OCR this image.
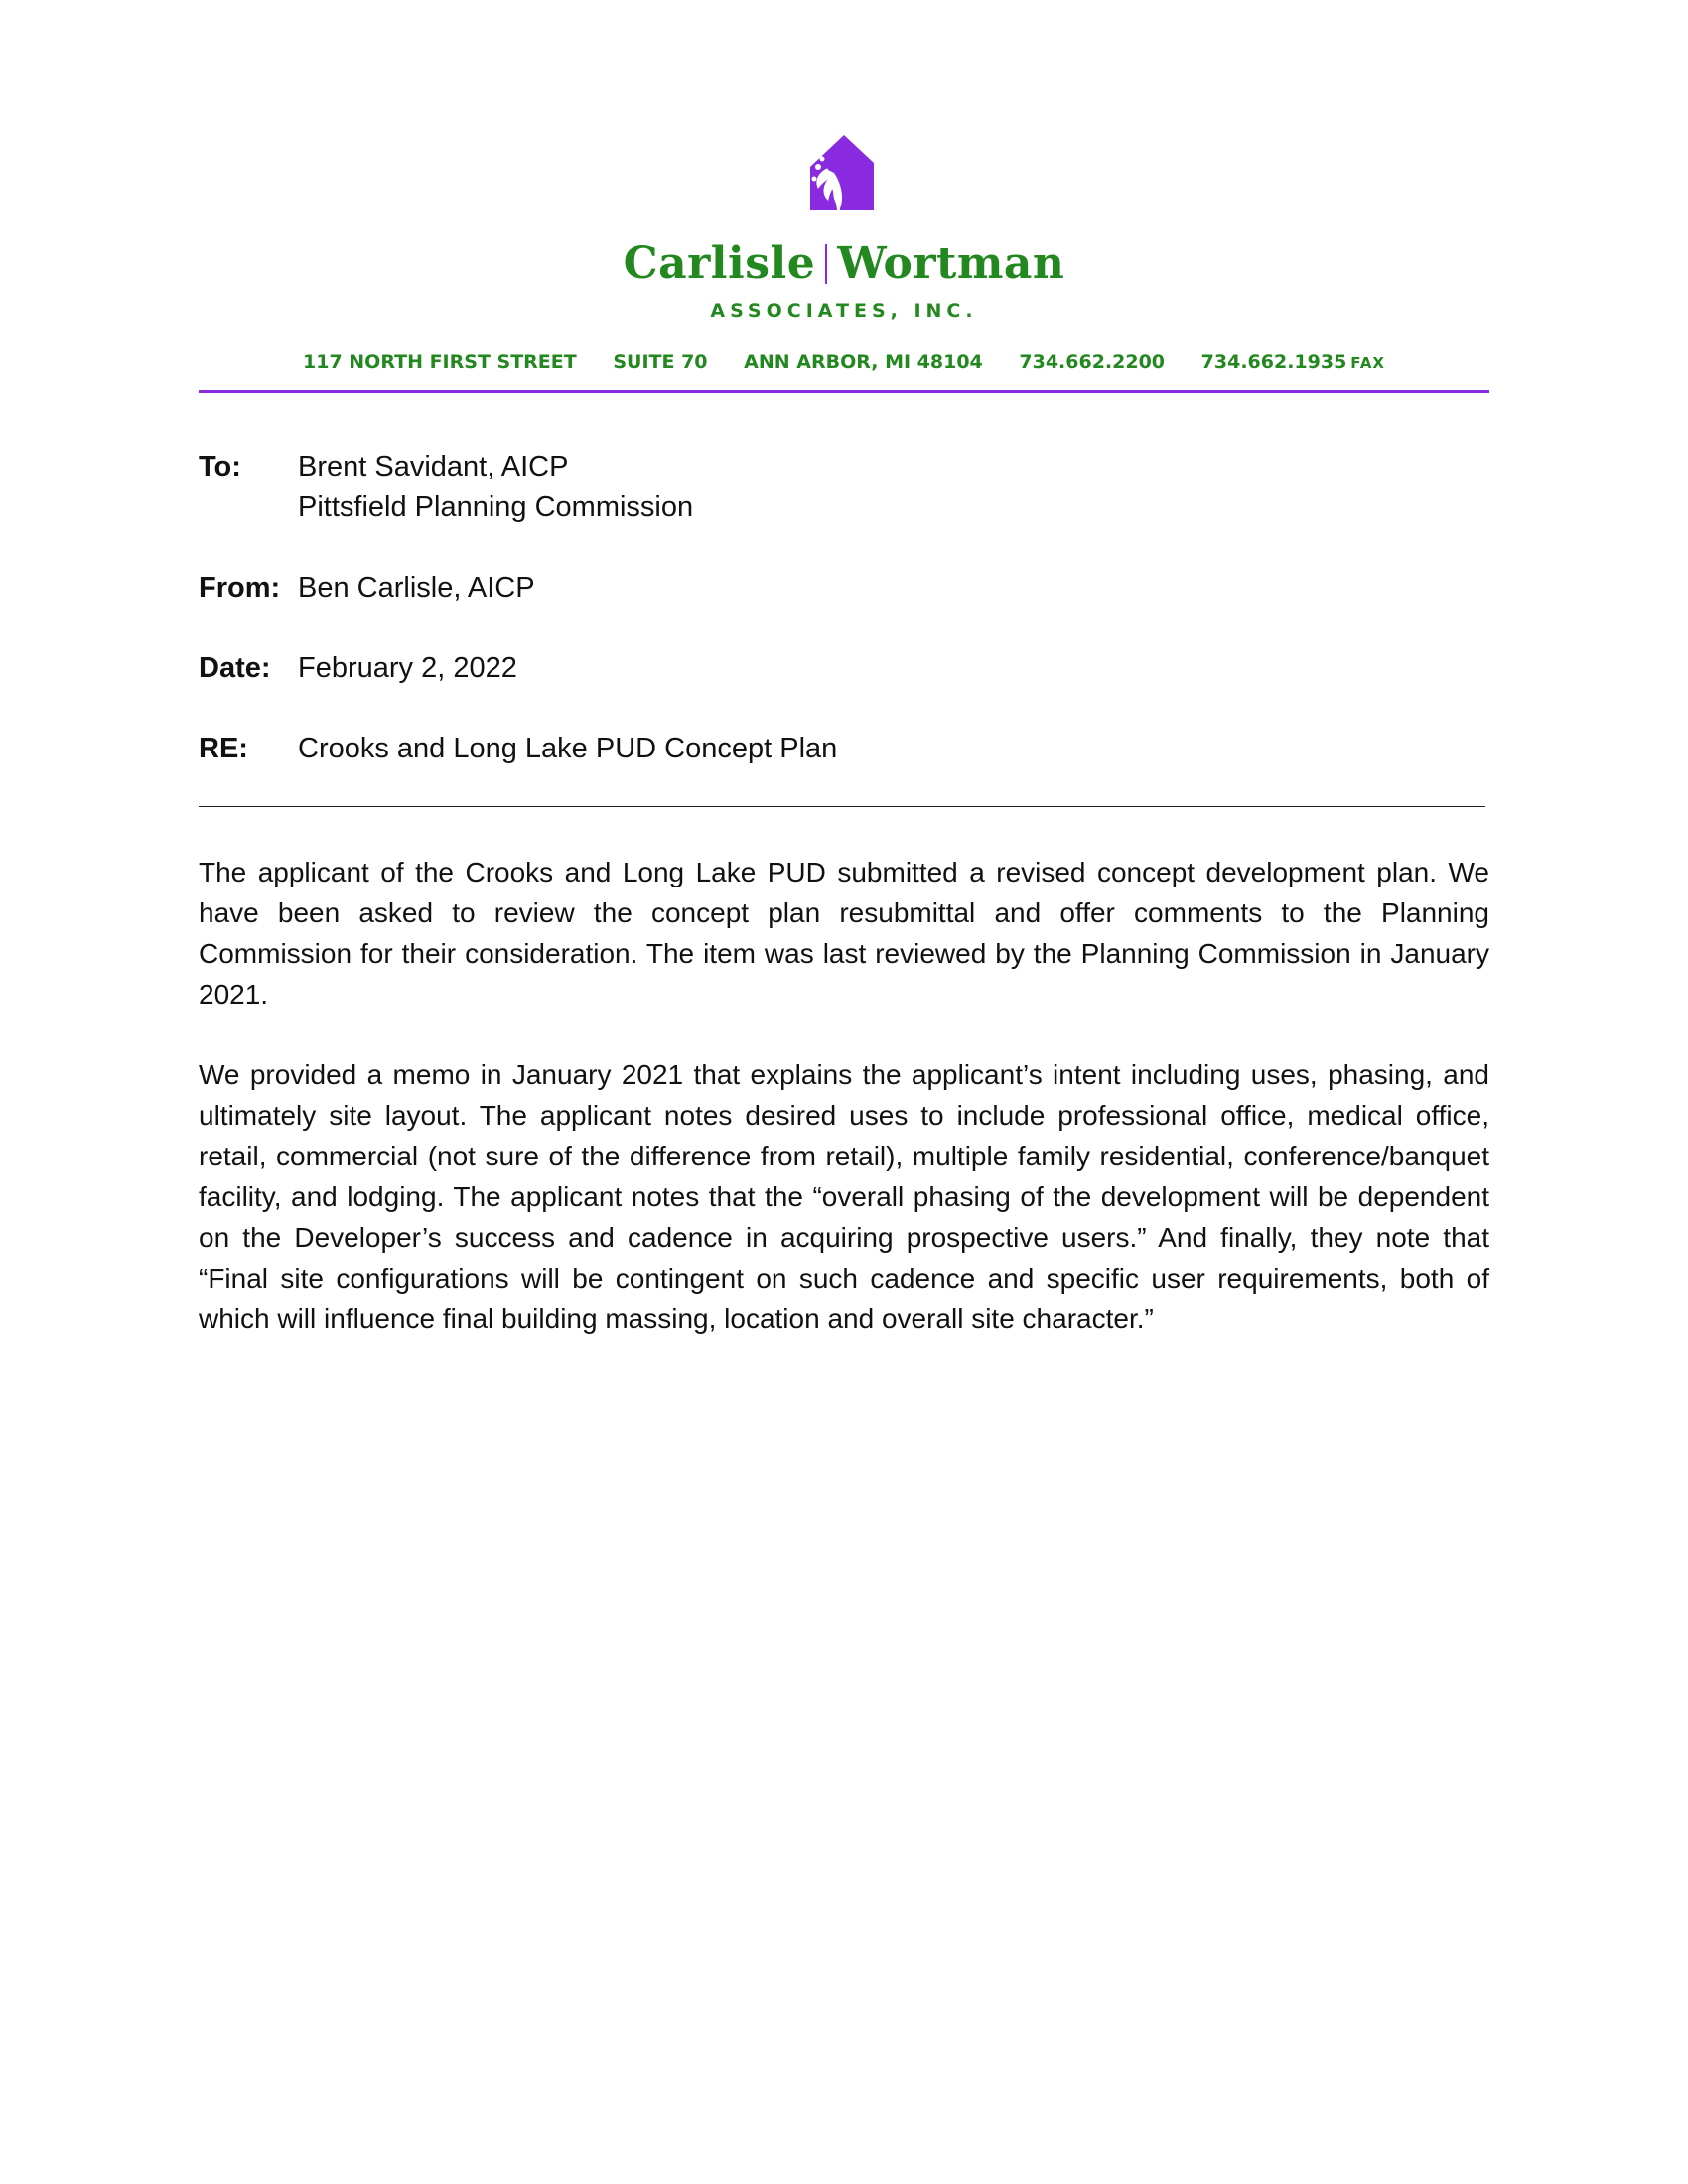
Carlisle Wortman
ASSOCIATES, INC.
117 NORTH FIRST STREET SUITE 70 ANN ARBOR, MI 48104 734.662.2200 734.662.1935 FAX
To: Brent Savidant, AICP
Pittsfield Planning Commission
From: Ben Carlisle, AICP
Date: February 2, 2022
RE: Crooks and Long Lake PUD Concept Plan

The applicant of the Crooks and Long Lake PUD submitted a revised concept development plan. We have been asked to review the concept plan resubmittal and offer comments to the Planning Commission for their consideration. The item was last reviewed by the Planning Commission in January 2021.

We provided a memo in January 2021 that explains the applicant’s intent including uses, phasing, and ultimately site layout. The applicant notes desired uses to include professional office, medical office, retail, commercial (not sure of the difference from retail), multiple family residential, conference/banquet facility, and lodging. The applicant notes that the “overall phasing of the development will be dependent on the Developer’s success and cadence in acquiring prospective users.” And finally, they note that “Final site configurations will be contingent on such cadence and specific user requirements, both of which will influence final building massing, location and overall site character.”
